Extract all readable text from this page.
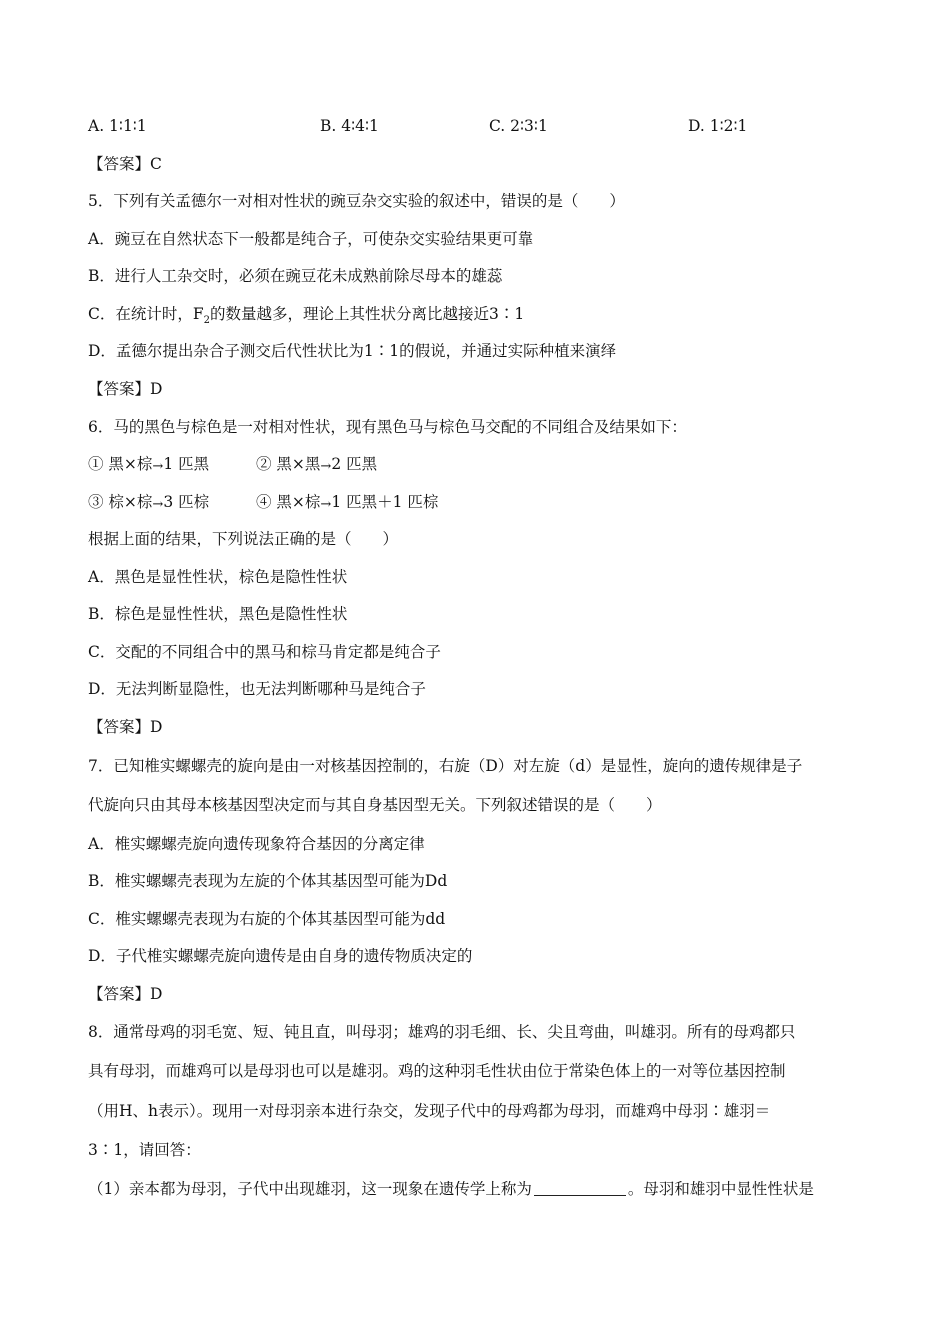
A. 1∶1∶1	B. 4∶4∶1	C. 2∶3∶1	D. 1∶2∶1
【答案】C
5．下列有关孟德尔一对相对性状的豌豆杂交实验的叙述中，错误的是（　　）
A．豌豆在自然状态下一般都是纯合子，可使杂交实验结果更可靠
B．进行人工杂交时，必须在豌豆花未成熟前除尽母本的雄蕊
C．在统计时，$F_2$的数量越多，理论上其性状分离比越接近3∶1
D．孟德尔提出杂合子测交后代性状比为1∶1的假说，并通过实际种植来演绎
【答案】D
6．马的黑色与棕色是一对相对性状，现有黑色马与棕色马交配的不同组合及结果如下：
① 黑×棕→1 匹黑	② 黑×黑→2 匹黑
③ 棕×棕→3 匹棕	④ 黑×棕→1 匹黑＋1 匹棕
根据上面的结果，下列说法正确的是（　　）
A．黑色是显性性状，棕色是隐性性状
B．棕色是显性性状，黑色是隐性性状
C．交配的不同组合中的黑马和棕马肯定都是纯合子
D．无法判断显隐性，也无法判断哪种马是纯合子
【答案】D
7．已知椎实螺螺壳的旋向是由一对核基因控制的，右旋（D）对左旋（d）是显性，旋向的遗传规律是子
代旋向只由其母本核基因型决定而与其自身基因型无关。下列叙述错误的是（　　）
A．椎实螺螺壳旋向遗传现象符合基因的分离定律
B．椎实螺螺壳表现为左旋的个体其基因型可能为Dd
C．椎实螺螺壳表现为右旋的个体其基因型可能为dd
D．子代椎实螺螺壳旋向遗传是由自身的遗传物质决定的
【答案】D
8．通常母鸡的羽毛宽、短、钝且直，叫母羽；雄鸡的羽毛细、长、尖且弯曲，叫雄羽。所有的母鸡都只
具有母羽，而雄鸡可以是母羽也可以是雄羽。鸡的这种羽毛性状由位于常染色体上的一对等位基因控制
（用H、h表示）。现用一对母羽亲本进行杂交，发现子代中的母鸡都为母羽，而雄鸡中母羽∶雄羽＝
3∶1，请回答：
（1）亲本都为母羽，子代中出现雄羽，这一现象在遗传学上称为	。母羽和雄羽中显性性状是
